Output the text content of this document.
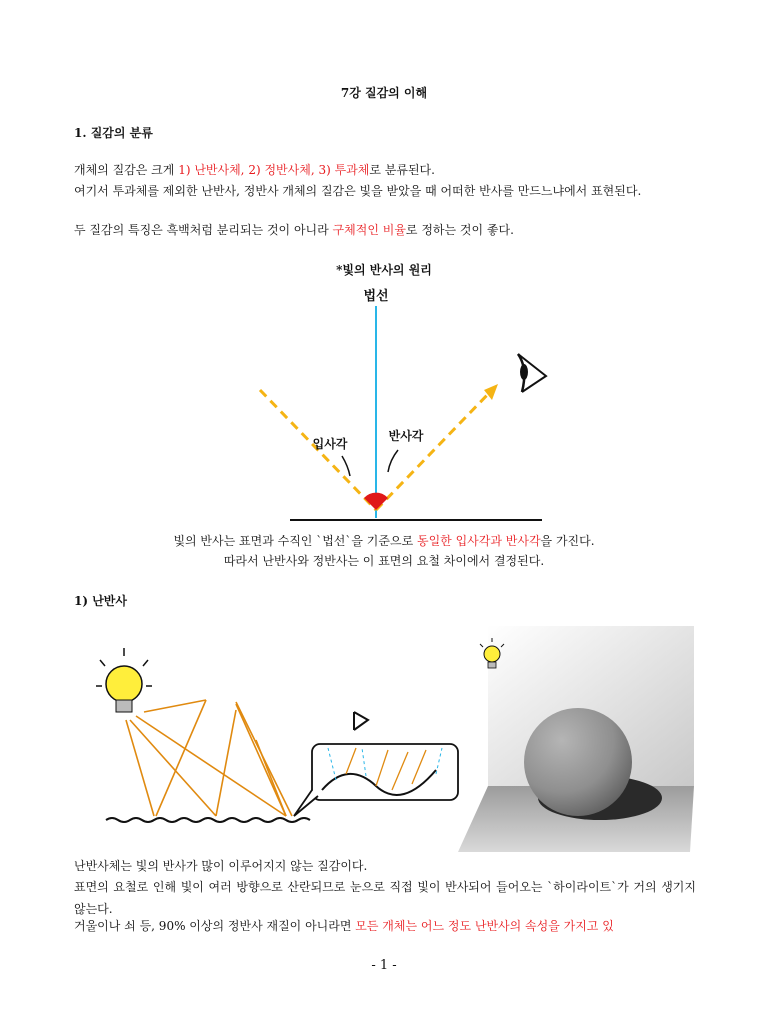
7강 질감의 이해
1. 질감의 분류
개체의 질감은 크게 1) 난반사체, 2) 정반사체, 3) 투과체로 분류된다.
여기서 투과체를 제외한 난반사, 정반사 개체의 질감은 빛을 받았을 때 어떠한 반사를 만드느냐에서 표현된다.
두 질감의 특징은 흑백처럼 분리되는 것이 아니라 구체적인 비율로 정하는 것이 좋다.
*빛의 반사의 원리
법선
입사각
반사각
빛의 반사는 표면과 수직인 `법선`을 기준으로 동일한 입사각과 반사각을 가진다.
따라서 난반사와 정반사는 이 표면의 요철 차이에서 결정된다.
1) 난반사
난반사체는 빛의 반사가 많이 이루어지지 않는 질감이다.
표면의 요철로 인해 빛이 여러 방향으로 산란되므로 눈으로 직접 빛이 반사되어 들어오는 `하이라이트`가 거의 생기지 않는다.
거울이나 쇠 등, 90% 이상의 정반사 재질이 아니라면 모든 개체는 어느 정도 난반사의 속성을 가지고 있
- 1 -
